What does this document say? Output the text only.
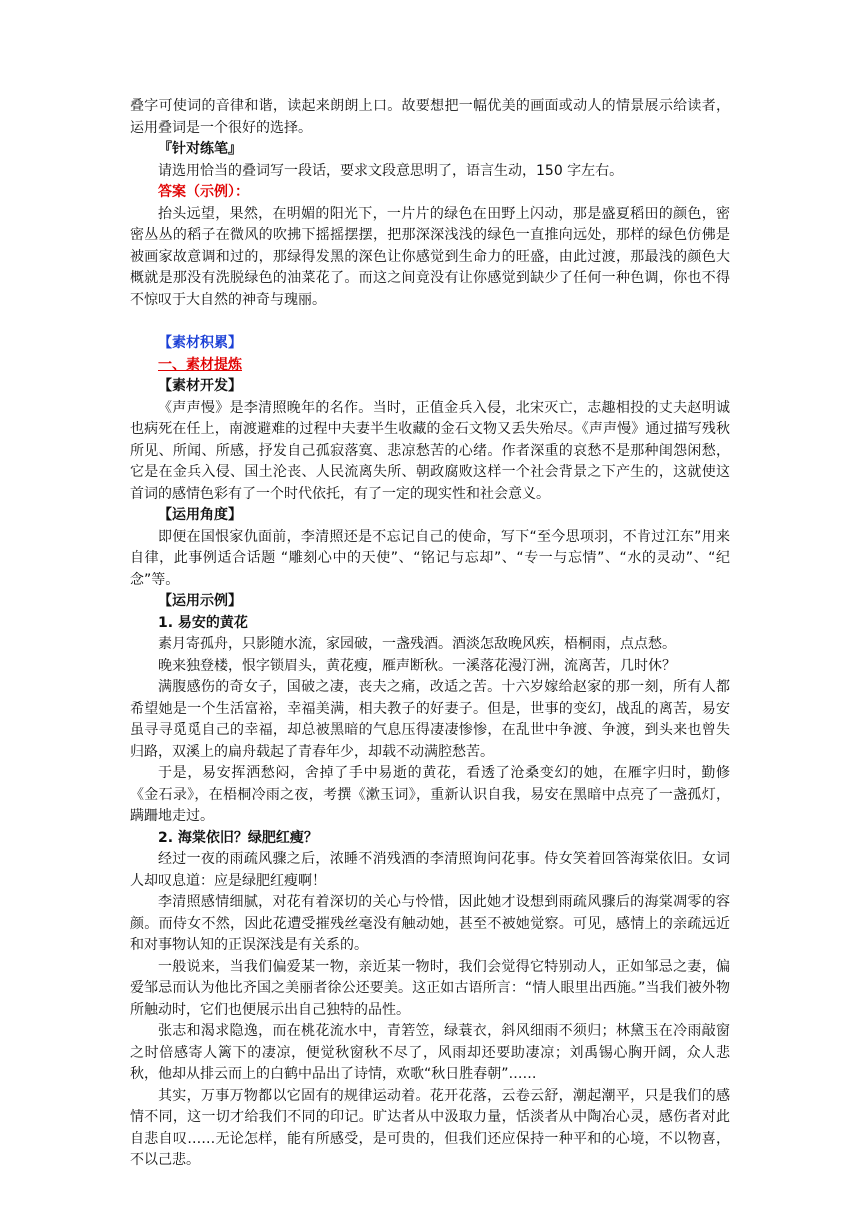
叠字可使词的音律和谐，读起来朗朗上口。故要想把一幅优美的画面或动人的情景展示给读者，运用叠词是一个很好的选择。

『针对练笔』

请选用恰当的叠词写一段话，要求文段意思明了，语言生动，150 字左右。

答案（示例）：

抬头远望，果然，在明媚的阳光下，一片片的绿色在田野上闪动，那是盛夏稻田的颜色，密密丛丛的稻子在微风的吹拂下摇摇摆摆，把那深深浅浅的绿色一直推向远处，那样的绿色仿佛是被画家故意调和过的，那绿得发黑的深色让你感觉到生命力的旺盛，由此过渡，那最浅的颜色大概就是那没有洗脱绿色的油菜花了。而这之间竟没有让你感觉到缺少了任何一种色调，你也不得不惊叹于大自然的神奇与瑰丽。

【素材积累】

一、素材提炼

【素材开发】

《声声慢》是李清照晚年的名作。当时，正值金兵入侵，北宋灭亡，志趣相投的丈夫赵明诚也病死在任上，南渡避难的过程中夫妻半生收藏的金石文物又丢失殆尽。《声声慢》通过描写残秋所见、所闻、所感，抒发自己孤寂落寞、悲凉愁苦的心绪。作者深重的哀愁不是那种闺怨闲愁，它是在金兵入侵、国土沦丧、人民流离失所、朝政腐败这样一个社会背景之下产生的，这就使这首词的感情色彩有了一个时代依托，有了一定的现实性和社会意义。

【运用角度】

即便在国恨家仇面前，李清照还是不忘记自己的使命，写下“至今思项羽，不肯过江东”用来自律，此事例适合话题 “雕刻心中的天使”、“铭记与忘却”、“专一与忘情”、“水的灵动”、“纪念”等。

【运用示例】

1. 易安的黄花

素月寄孤舟，只影随水流，家园破，一盏残酒。酒淡怎敌晚风疾，梧桐雨，点点愁。

晚来独登楼，恨字锁眉头，黄花瘦，雁声断秋。一溪落花漫汀洲，流离苦，几时休？

满腹感伤的奇女子，国破之凄，丧夫之痛，改适之苦。十六岁嫁给赵家的那一刻，所有人都希望她是一个生活富裕，幸福美满，相夫教子的好妻子。但是，世事的变幻，战乱的离苦，易安虽寻寻觅觅自己的幸福，却总被黑暗的气息压得凄凄惨惨，在乱世中争渡、争渡，到头来也曾失归路，双溪上的扁舟载起了青春年少，却载不动满腔愁苦。

于是，易安挥洒愁闷，舍掉了手中易逝的黄花，看透了沧桑变幻的她，在雁字归时，勤修《金石录》，在梧桐冷雨之夜，考撰《漱玉词》，重新认识自我，易安在黑暗中点亮了一盏孤灯，蹒跚地走过。

2. 海棠依旧？绿肥红瘦？

经过一夜的雨疏风骤之后，浓睡不消残酒的李清照询问花事。侍女笑着回答海棠依旧。女词人却叹息道：应是绿肥红瘦啊！

李清照感情细腻，对花有着深切的关心与怜惜，因此她才设想到雨疏风骤后的海棠凋零的容颜。而侍女不然，因此花遭受摧残丝毫没有触动她，甚至不被她觉察。可见，感情上的亲疏远近和对事物认知的正误深浅是有关系的。

一般说来，当我们偏爱某一物，亲近某一物时，我们会觉得它特别动人，正如邹忌之妻，偏爱邹忌而认为他比齐国之美丽者徐公还要美。这正如古语所言：“情人眼里出西施。”当我们被外物所触动时，它们也便展示出自己独特的品性。

张志和渴求隐逸，而在桃花流水中，青箬笠，绿蓑衣，斜风细雨不须归；林黛玉在冷雨敲窗之时倍感寄人篱下的凄凉，便觉秋窗秋不尽了，风雨却还要助凄凉；刘禹锡心胸开阔，众人悲秋，他却从排云而上的白鹤中品出了诗情，欢歌“秋日胜春朝”……

其实，万事万物都以它固有的规律运动着。花开花落，云卷云舒，潮起潮平，只是我们的感情不同，这一切才给我们不同的印记。旷达者从中汲取力量，恬淡者从中陶冶心灵，感伤者对此自悲自叹……无论怎样，能有所感受，是可贵的，但我们还应保持一种平和的心境，不以物喜，不以己悲。
